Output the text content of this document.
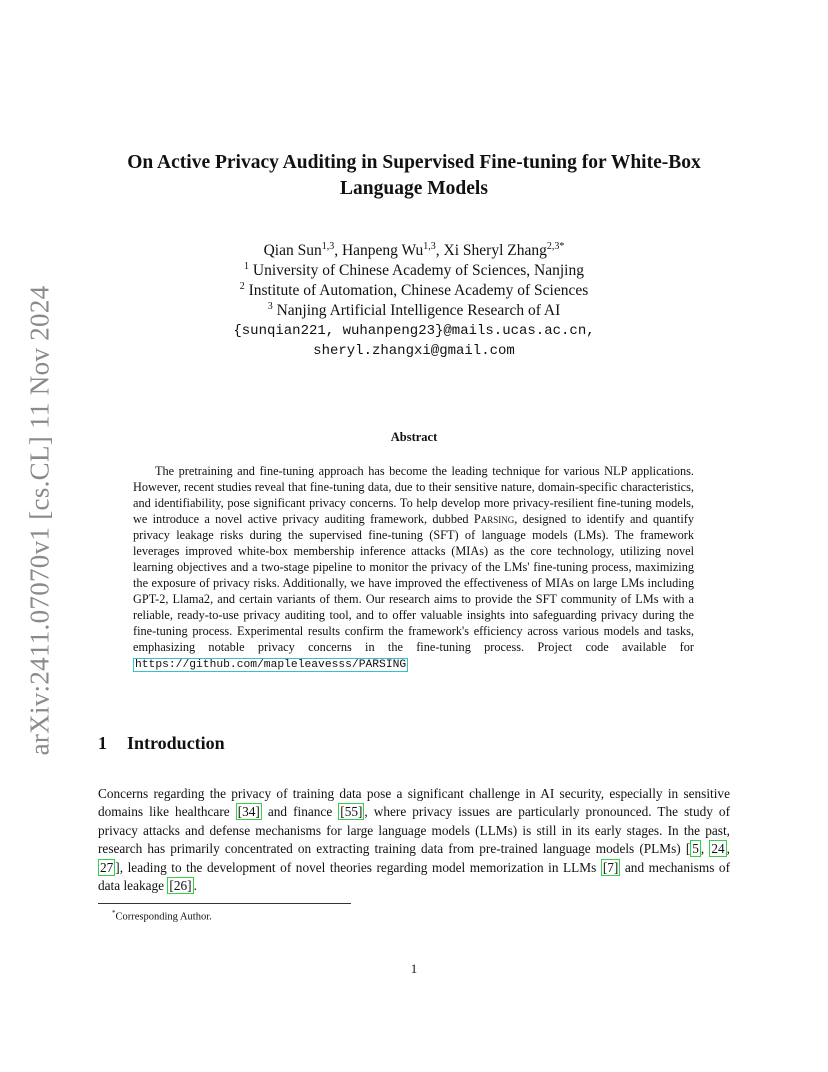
arXiv:2411.07070v1 [cs.CL] 11 Nov 2024
On Active Privacy Auditing in Supervised Fine-tuning for White-Box Language Models
Qian Sun$^{1,3}$, Hanpeng Wu$^{1,3}$, Xi Sheryl Zhang$^{2,3*}$
$^1$ University of Chinese Academy of Sciences, Nanjing
$^2$ Institute of Automation, Chinese Academy of Sciences
$^3$ Nanjing Artificial Intelligence Research of AI
{sunqian221, wuhanpeng23}@mails.ucas.ac.cn,
sheryl.zhangxi@gmail.com
Abstract

The pretraining and fine-tuning approach has become the leading technique for various NLP applications. However, recent studies reveal that fine-tuning data, due to their sensitive nature, domain-specific characteristics, and identifiability, pose significant privacy concerns. To help develop more privacy-resilient fine-tuning models, we introduce a novel active privacy auditing framework, dubbed Parsing, designed to identify and quantify privacy leakage risks during the supervised fine-tuning (SFT) of language models (LMs). The framework leverages improved white-box membership inference attacks (MIAs) as the core technology, utilizing novel learning objectives and a two-stage pipeline to monitor the privacy of the LMs' fine-tuning process, maximizing the exposure of privacy risks. Additionally, we have improved the effectiveness of MIAs on large LMs including GPT-2, Llama2, and certain variants of them. Our research aims to provide the SFT community of LMs with a reliable, ready-to-use privacy auditing tool, and to offer valuable insights into safeguarding privacy during the fine-tuning process. Experimental results confirm the framework's efficiency across various models and tasks, emphasizing notable privacy concerns in the fine-tuning process. Project code available for https://github.com/mapleleavesss/PARSING

1 Introduction

Concerns regarding the privacy of training data pose a significant challenge in AI security, especially in sensitive domains like healthcare [34] and finance [55] , where privacy issues are particularly pronounced. The study of privacy attacks and defense mechanisms for large language models (LLMs) is still in its early stages. In the past, research has primarily concentrated on extracting training data from pre-trained language models (PLMs) [ 5 , 24 , 27 ], leading to the development of novel theories regarding model memorization in LLMs [7] and mechanisms of data leakage [26] .

*Corresponding Author.
1
